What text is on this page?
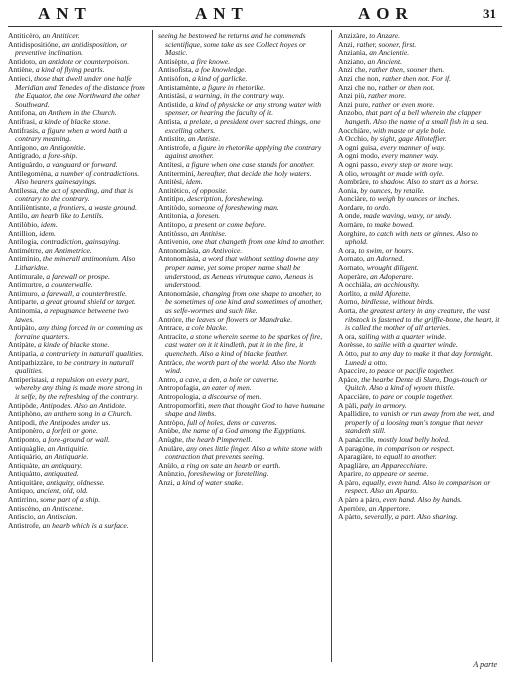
ANT	ANT	AOR	31

Antiticèro, an Antiticer.

Antidispositióne, an antidisposition, or preventive inclination.

Antìdoto, an antidote or counterpoison.

Antiène, a kind of flying pearls.

Antieci, those that dwell under one halfe Meridian and Tenedes of the distance from the Equator, the one Northward the other Southward.

Antifona, an Anthem in the Church.

Antifrasi, a kinde of blacke stone.

Antifrasis, a figure when a word hath a contrary meaning.

Antígono, an Antigonitie.

Antígrado, a fore-ship.

Antiguàrdo, a vanguard or forward.

Antilegomèna, a number of contradictions. Also hearers gainesayings.

Antilessa, the act of speeding, and that is contrary to the contrary.

Antilièntisnte, a frontiers, a waste ground.

Antilo, an hearb like to Lentils.

Antilòbio, idem.

Antillion, idem.

Antilogia, contradiction, gainsaying.

Antimétrre, an Antimetrice.

Antimìnio, the minerall antimonium. Also Litharidne.

Antimurale, a farewall or prospe.

Antimurtre, a counterwalle.

Antimuro, a farewall, a counterbrestle.

Antiparte, a great ground shield or target.

Antinomia, a repugnance betweene two lawes.

Antipàto, any thing forced in or comming as forraine quarters.

Antipàte, a kinde of blacke stone.

Antipatìa, a contrariety in naturall qualities.

Antipathizzàre, to be contrary in naturall qualities.

Antiperìstasi, a repulsion on every part, whereby any thing is made more strong in it selfe, by the refreshing of the contrary.

Antipòde, Antipodes. Also an Antidote.

Antiphòno, an anthem song in a Church.

Antipodi, the Antipodes under us.

Antiponèro, a forfeit or gone.

Antiponto, a fore-ground or wall.

Antiquàglie, an Antiquitie.

Antiquàrio, an Antiquarie.

Antiquàte, an antiquary.

Antiquàtto, antiquated.

Antiquitàre, antiquity, oldnesse.

Antiquo, ancient, old, old.

Antirrìno, some part of a ship.

Antiscèno, an Antiscene.

Antìscio, an Antiscian.

Antìstrofe, an hearb which is a surface.

seeing he bestowed he returns and he commends scientifique, some take as see Collect hoyes or Mastic.

Antisèpte, a fire knowe.

Antisofìsta, a foe knowledge.

Antisòfon, a kind of garlicke.

Antistamènte, a figure in rhetorike.

Antistàsi, a warning, in the contrary way.

Antìstide, a kind of physicke or any strong water with spenser, or hearing the faculty of it.

Antìsta, a prelate, a president over sacred things, one excelling others.

Antìstite, an Antiste.

Antistrofe, a figure in rhetorike applying the contrary against another.

Antitesi, a figure when one case stands for another.

Antitermini, hereafter, that decide the holy waters.

Antitèsi, idem.

Antitètico, of opposite.

Antitìpo, description, foreshewing.

Antitòdo, someone of foreshewing man.

Antitonia, a foresen.

Antitopo, a present or come before.

Antitòsso, an Antitèse.

Antivenio, one that changeth from one kind to another.

Antonomàsia, an Antivoice.

Antonomàsia, a word that without setting downe any proper name, yet some proper name shall be understood, as Aeneas virumque cano, Aeneas is understood.

Antonomàsie, changing from one shape to another, to be sometimes of one kind and sometimes of another, as selfe-wormes and such like.

Antròre, the leaves or flowers or Mandrake.

Antrace, a cole blacke.

Antracìte, a stone wherein seeme to be sparkes of fire, cast water on it it kindleth, put it in the fire, it quencheth. Also a kind of blacke feather.

Antràce, the worth part of the world. Also the North wind.

Antro, a cave, a den, a hole or caverne.

Antropofagia, an eater of men.

Antropologia, a discourse of men.

Antropomorfiti, men that thought God to have humane shape and limbs.

Antròpo, full of holes, dens or caverns.

Anùbe, the name of a God among the Egyptians.

Anùghe, the hearb Pimpernell.

Anulàre, any ones little finger. Also a white stone with contraction that prevents seeing.

Anùlo, a ring on sate an hearb or earth.

Anùnzio, foreshewing or foretelling.

Anzi, a kind of water snake.

Anzizàre, to Anzare.

Anzi, rather, sooner, first.

Anzianìa, an Ancientie.

Anziano, an Ancient.

Anzi che, rather then, sooner then.

Anzi che non, rather then not. For if.

Anzi che no, rather or then not.

Anzi più, rather more.

Anzi pure, rather or even more.

Anzobo, that part of a bell wherein the clapper hangeth. Also the name of a small fish in a sea.

Aocchiàre, with maste or ayle bole.

A Occhio, by sight, gage Alloteffier.

A ogni guisa, every manner of way.

A ogni modo, every manner way.

A ogni passo, every step or more way.

A olio, wrought or made with oyle.

Aombràre, to shadow. Also to start as a horse.

Aonia, by ounces, by retaile.

Aoncìàre, to weigh by ounces or inches.

Aordare, to ordo.

A onde, made waving, wavy, or undy.

Aornàre, to make bowed.

Aorghire, to catch with nets or ginnes. Also to uphold.

A ora, to swim, or hours.

Aornato, an Adorned.

Aornato, wrought diligent.

Aoperàre, an Adoperare.

A occhiàla, an acchiouslty.

Aorlìto, a mild Aforette.

Aorno, birdlesse, without birds.

Aorta, the greatest artery in any creature, the vast ribstock is fastened to the griffle-bone, the heart, it is called the mother of all arteries.

A ora, sailing with a quarter winde.

Aorèsse, to sailie with a quarter winde.

A òtto, put to any day to make it that day fortnight. Lunedi a otto.

Apaccire, to peace or pacifie together.

Apàce, the hearbe Dente di Sluro, Dogs-touch or Quitch. Also a kind of wyoen thistle.

Apacciàre, to pare or couple together.

A pàli, paly in armory.

Apallidire, to vanish or run away from the wet, and properly of a loosing man's tongue that never standeth still.

A panàcclle, mostly loud belly holed.

A paragòne, in comparison or respect.

Aparagiàre, to equall to another.

Apagliàre, an Apparecchiare.

Aparire, to appeare or seeme.

A pàro, equally, even hand. Also in comparison or respect. Also an Aparto.

A pàro a pàro, even hand. Also by hands.

Apertòre, an Appertore.

A pàrto, severally, a part. Also sharing.

A parte
